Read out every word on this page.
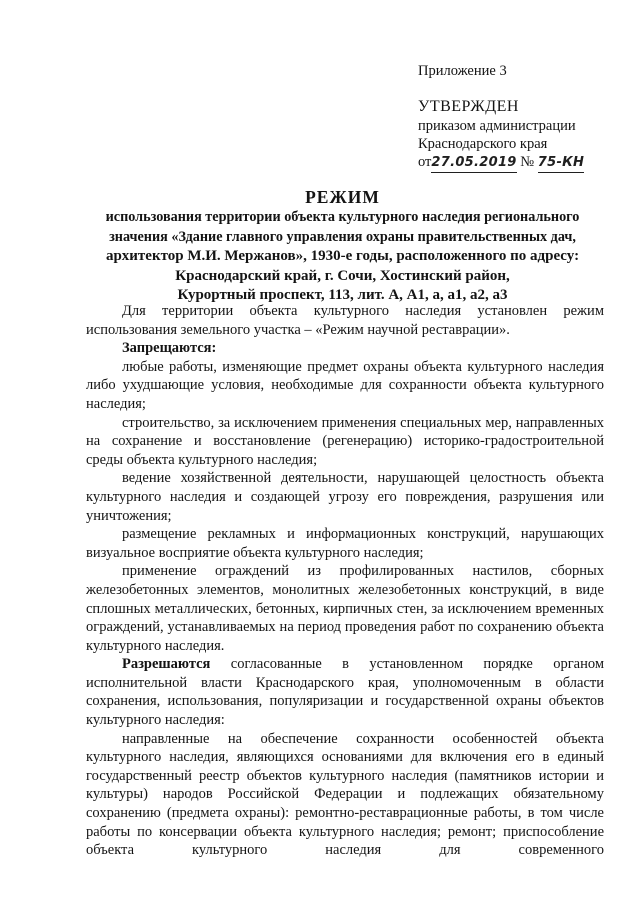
Приложение 3
УТВЕРЖДЕН
приказом администрации
Краснодарского края
от27.05.2019 № 75-КН
РЕЖИМ
использования территории объекта культурного наследия регионального
значения «Здание главного управления охраны правительственных дач,
архитектор М.И. Мержанов», 1930-е годы, расположенного по адресу:
Краснодарский край, г. Сочи, Хостинский район,
Курортный проспект, 113, лит. А, А1, а, а1, а2, а3

Для территории объекта культурного наследия установлен режим использования земельного участка – «Режим научной реставрации».

Запрещаются:

любые работы, изменяющие предмет охраны объекта культурного наследия либо ухудшающие условия, необходимые для сохранности объекта культурного наследия;

строительство, за исключением применения специальных мер, направленных на сохранение и восстановление (регенерацию) историко-градостроительной среды объекта культурного наследия;

ведение хозяйственной деятельности, нарушающей целостность объекта культурного наследия и создающей угрозу его повреждения, разрушения или уничтожения;

размещение рекламных и информационных конструкций, нарушающих визуальное восприятие объекта культурного наследия;

применение ограждений из профилированных настилов, сборных железобетонных элементов, монолитных железобетонных конструкций, в виде сплошных металлических, бетонных, кирпичных стен, за исключением временных ограждений, устанавливаемых на период проведения работ по сохранению объекта культурного наследия.

Разрешаются согласованные в установленном порядке органом исполнительной власти Краснодарского края, уполномоченным в области сохранения, использования, популяризации и государственной охраны объектов культурного наследия:

направленные на обеспечение сохранности особенностей объекта культурного наследия, являющихся основаниями для включения его в единый государственный реестр объектов культурного наследия (памятников истории и культуры) народов Российской Федерации и подлежащих обязательному сохранению (предмета охраны): ремонтно-реставрационные работы, в том числе работы по консервации объекта культурного наследия; ремонт; приспособление объекта культурного наследия для современного
